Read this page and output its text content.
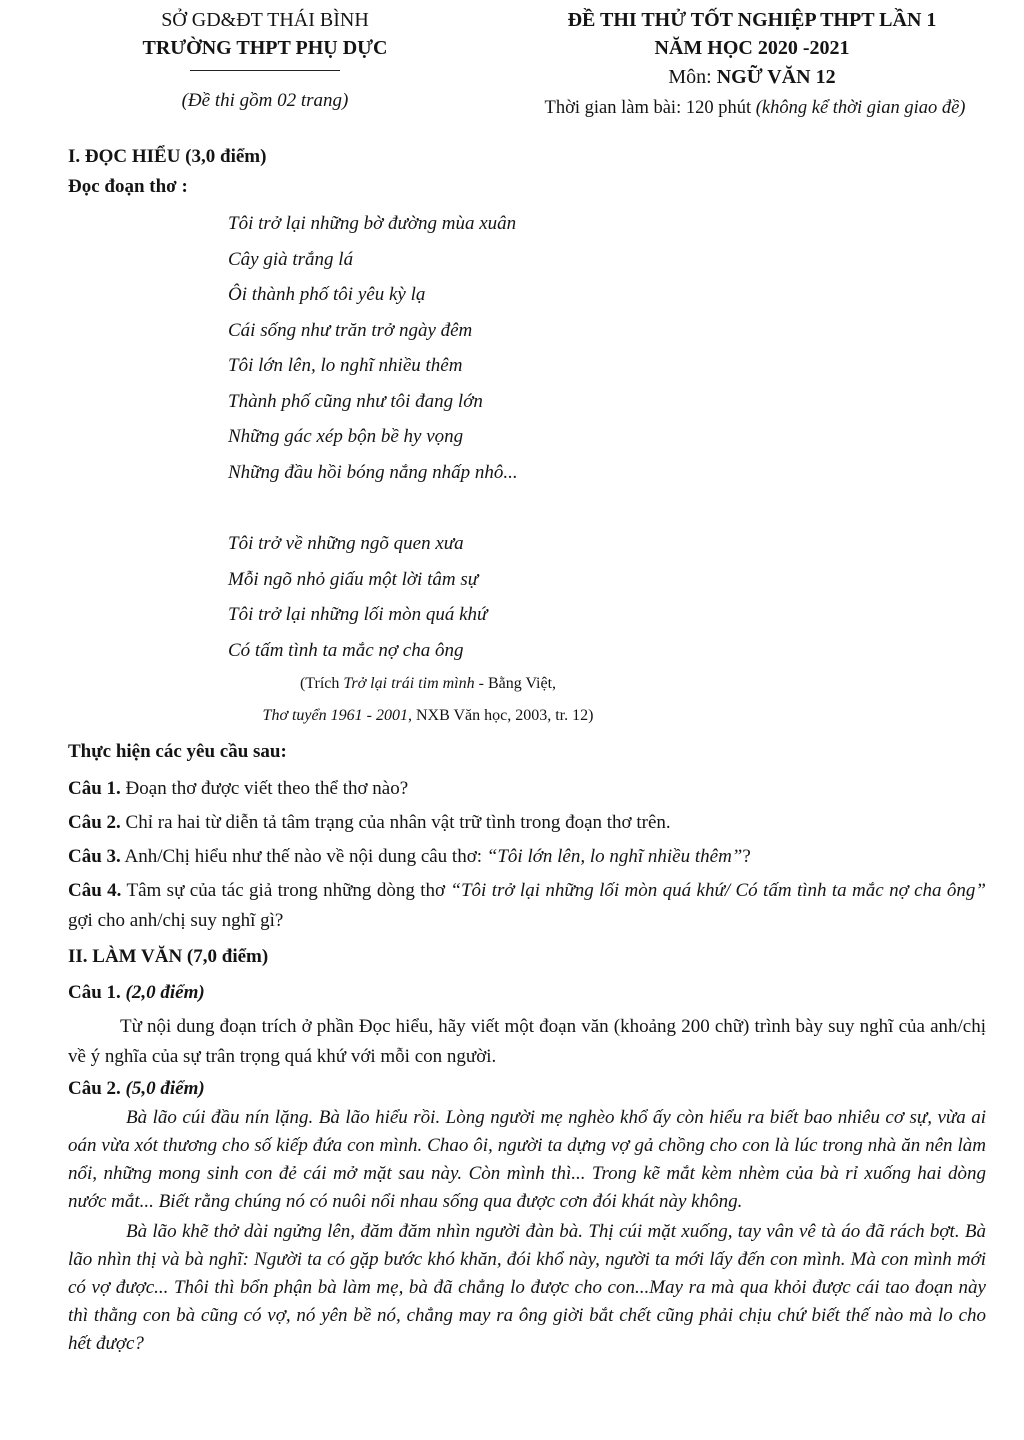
SỞ GD&ĐT THÁI BÌNH
TRƯỜNG THPT PHỤ DỰC
(Đề thi gồm 02 trang)
ĐỀ THI THỬ TỐT NGHIỆP THPT LẦN 1
NĂM HỌC 2020 -2021
Môn: NGỮ VĂN 12
Thời gian làm bài: 120 phút (không kể thời gian giao đề)
I. ĐỌC HIỂU (3,0 điểm)
Đọc đoạn thơ :
Tôi trở lại những bờ đường mùa xuân
Cây già trắng lá
Ôi thành phố tôi yêu kỳ lạ
Cái sống như trăn trở ngày đêm
Tôi lớn lên, lo nghĩ nhiều thêm
Thành phố cũng như tôi đang lớn
Những gác xép bộn bề hy vọng
Những đầu hồi bóng nắng nhấp nhô...
Tôi trở về những ngõ quen xưa
Mỗi ngõ nhỏ giấu một lời tâm sự
Tôi trở lại những lối mòn quá khứ
Có tấm tình ta mắc nợ cha ông
(Trích Trở lại trái tim mình - Bằng Việt,
Thơ tuyển 1961 - 2001, NXB Văn học, 2003, tr. 12)
Thực hiện các yêu cầu sau:
Câu 1. Đoạn thơ được viết theo thể thơ nào?
Câu 2. Chỉ ra hai từ diễn tả tâm trạng của nhân vật trữ tình trong đoạn thơ trên.
Câu 3. Anh/Chị hiểu như thế nào về nội dung câu thơ: “Tôi lớn lên, lo nghĩ nhiều thêm”?
Câu 4. Tâm sự của tác giả trong những dòng thơ “Tôi trở lại những lối mòn quá khứ/ Có tấm tình ta mắc nợ cha ông” gợi cho anh/chị suy nghĩ gì?
II. LÀM VĂN (7,0 điểm)
Câu 1. (2,0 điểm)
Từ nội dung đoạn trích ở phần Đọc hiểu, hãy viết một đoạn văn (khoảng 200 chữ) trình bày suy nghĩ của anh/chị về ý nghĩa của sự trân trọng quá khứ với mỗi con người.
Câu 2. (5,0 điểm)

Bà lão cúi đầu nín lặng. Bà lão hiểu rồi. Lòng người mẹ nghèo khổ ấy còn hiểu ra biết bao nhiêu cơ sự, vừa ai oán vừa xót thương cho số kiếp đứa con mình. Chao ôi, người ta dựng vợ gả chồng cho con là lúc trong nhà ăn nên làm nổi, những mong sinh con đẻ cái mở mặt sau này. Còn mình thì... Trong kẽ mắt kèm nhèm của bà rỉ xuống hai dòng nước mắt... Biết rằng chúng nó có nuôi nổi nhau sống qua được cơn đói khát này không.

Bà lão khẽ thở dài ngửng lên, đăm đăm nhìn người đàn bà. Thị cúi mặt xuống, tay vân vê tà áo đã rách bợt. Bà lão nhìn thị và bà nghĩ: Người ta có gặp bước khó khăn, đói khổ này, người ta mới lấy đến con mình. Mà con mình mới có vợ được... Thôi thì bổn phận bà làm mẹ, bà đã chẳng lo được cho con...May ra mà qua khỏi được cái tao đoạn này thì thằng con bà cũng có vợ, nó yên bề nó, chẳng may ra ông giời bắt chết cũng phải chịu chứ biết thế nào mà lo cho hết được?
